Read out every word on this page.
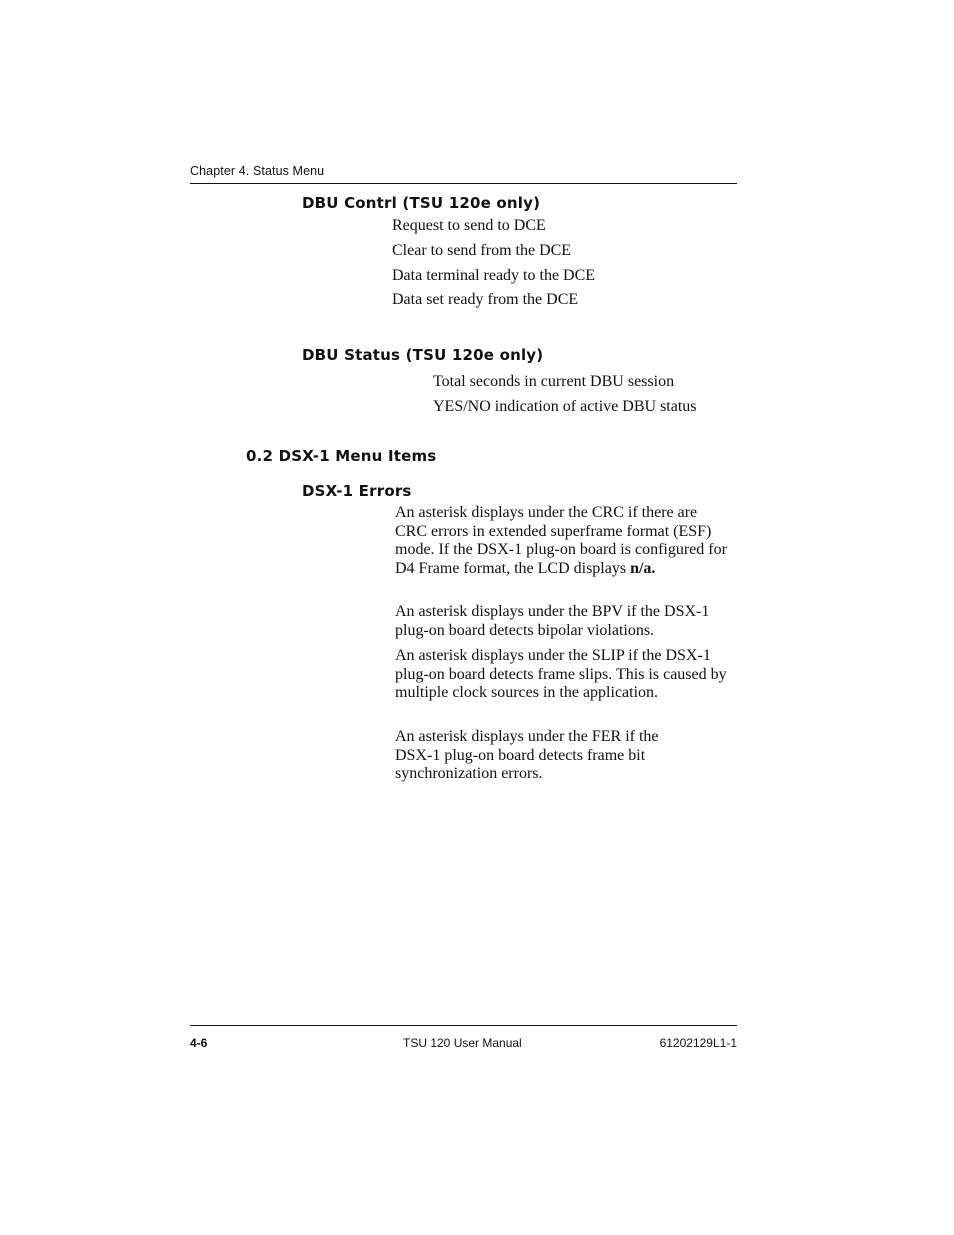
Chapter 4. Status Menu
DBU Contrl (TSU 120e only)
Request to send to DCE
Clear to send from the DCE
Data terminal ready to the DCE
Data set ready from the DCE
DBU Status (TSU 120e only)
Total seconds in current DBU session
YES/NO indication of active DBU status
0.2 DSX-1 Menu Items
DSX-1 Errors
An asterisk displays under the CRC if there are CRC errors in extended superframe format (ESF) mode. If the DSX-1 plug-on board is configured for D4 Frame format, the LCD displays n/a.
An asterisk displays under the BPV if the DSX-1 plug-on board detects bipolar violations.
An asterisk displays under the SLIP if the DSX-1 plug-on board detects frame slips. This is caused by multiple clock sources in the application.
An asterisk displays under the FER if the DSX-1 plug-on board detects frame bit synchronization errors.
4-6	TSU 120 User Manual	61202129L1-1
